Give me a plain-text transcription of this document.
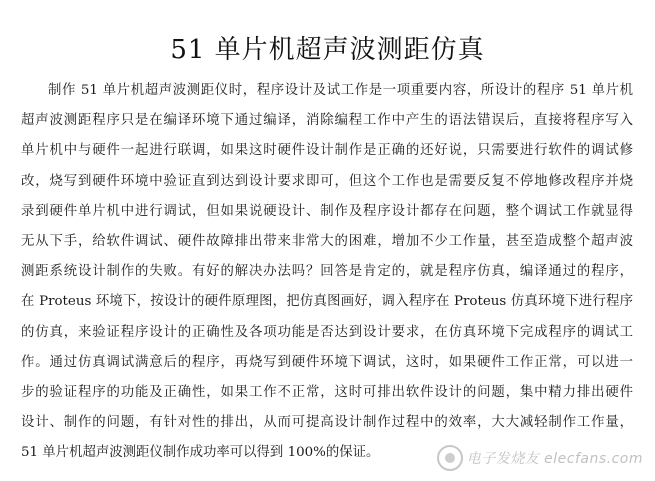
51 单片机超声波测距仿真
制作 51 单片机超声波测距仪时，程序设计及试工作是一项重要内容，所设计的程序 51 单片机
超声波测距程序只是在编译环境下通过编译，消除编程工作中产生的语法错误后，直接将程序写入
单片机中与硬件一起进行联调，如果这时硬件设计制作是正确的还好说，只需要进行软件的调试修
改，烧写到硬件环境中验证直到达到设计要求即可，但这个工作也是需要反复不停地修改程序并烧
录到硬件单片机中进行调试，但如果说硬设计、制作及程序设计都存在问题，整个调试工作就显得
无从下手，给软件调试、硬件故障排出带来非常大的困难，增加不少工作量，甚至造成整个超声波
测距系统设计制作的失败。有好的解决办法吗？回答是肯定的，就是程序仿真，编译通过的程序，
在 Proteus 环境下，按设计的硬件原理图，把仿真图画好，调入程序在 Proteus 仿真环境下进行程序
的仿真，来验证程序设计的正确性及各项功能是否达到设计要求，在仿真环境下完成程序的调试工
作。通过仿真调试满意后的程序，再烧写到硬件环境下调试，这时，如果硬件工作正常，可以进一
步的验证程序的功能及正确性，如果工作不正常，这时可排出软件设计的问题，集中精力排出硬件
设计、制作的问题，有针对性的排出，从而可提高设计制作过程中的效率，大大减轻制作工作量，
51 单片机超声波测距仪制作成功率可以得到 100%的保证。	电子发烧友 elecfans.com
